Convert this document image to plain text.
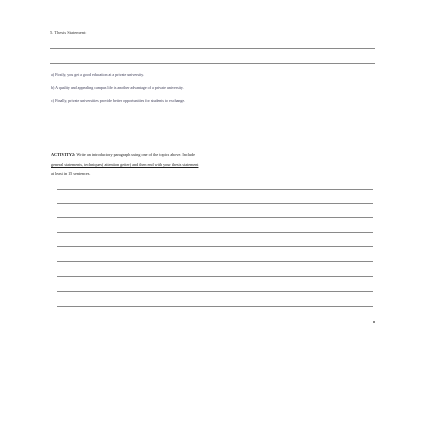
5. Thesis Statement:
a) Firstly, you get a good education at a private university.
b) A quality and appealing campus life is another advantage of a private university.
c) Finally, private universities provide better opportunities for students to exchange.
ACTIVITY2: Write an introductory paragraph using one of the topics above. Include
general statements, techniques( attention getter) and then end with your thesis statement
at least in 15 sentences.
